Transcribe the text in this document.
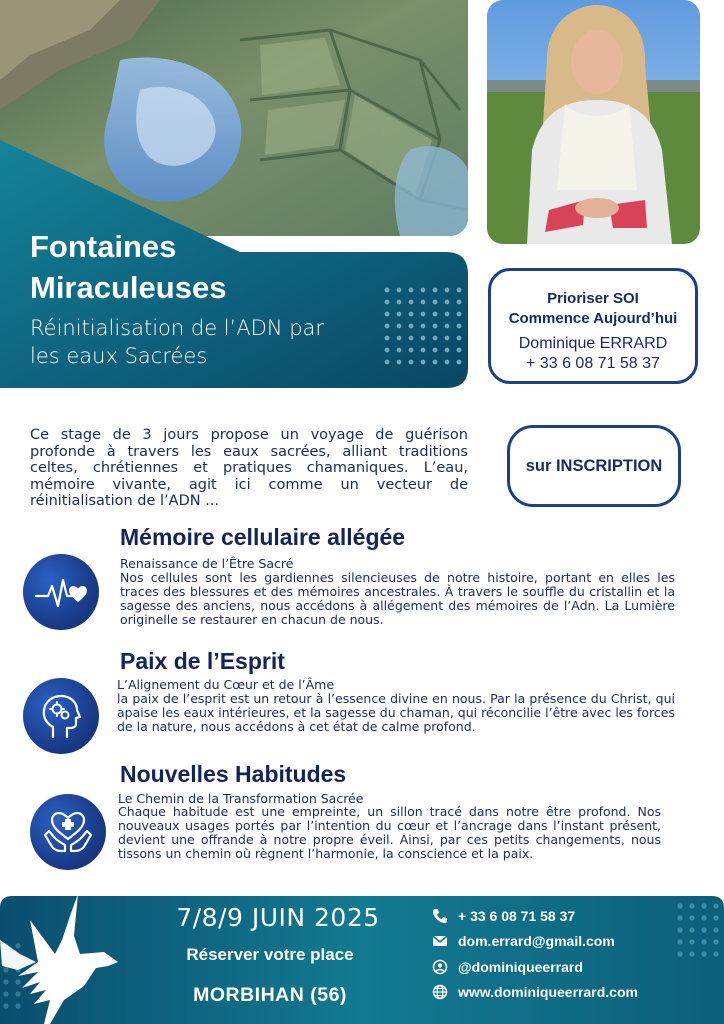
Fontaines
Miraculeuses
Réinitialisation de l’ADN par
les eaux Sacrées
Prioriser SOI
Commence Aujourd’hui
Dominique ERRARD
+ 33 6 08 71 58 37
Ce stage de 3 jours propose un voyage de guérison profonde à travers les eaux sacrées, alliant traditions celtes, chrétiennes et pratiques chamaniques. L’eau, mémoire vivante, agit ici comme un vecteur de réinitialisation de l’ADN ...
sur INSCRIPTION
Mémoire cellulaire allégée
Renaissance de l’Être Sacré
Nos cellules sont les gardiennes silencieuses de notre histoire, portant en elles les traces des blessures et des mémoires ancestrales. À travers le souffle du cristallin et la sagesse des anciens, nous accédons à allégement des mémoires de l’Adn. La Lumière originelle se restaurer en chacun de nous.
Paix de l’Esprit
L’Alignement du Cœur et de l’Âme
la paix de l’esprit est un retour à l’essence divine en nous. Par la présence du Christ, qui apaise les eaux intérieures, et la sagesse du chaman, qui réconcilie l’être avec les forces de la nature, nous accédons à cet état de calme profond.
Nouvelles Habitudes
Le Chemin de la Transformation Sacrée
Chaque habitude est une empreinte, un sillon tracé dans notre être profond. Nos nouveaux usages portés par l’intention du cœur et l’ancrage dans l’instant présent, devient une offrande à notre propre éveil. Ainsi, par ces petits changements, nous tissons un chemin où règnent l’harmonie, la conscience et la paix.
7/8/9 JUIN 2025
Réserver votre place
MORBIHAN (56)
+ 33 6 08 71 58 37
dom.errard@gmail.com
@dominiqueerrard
www.dominiqueerrard.com
